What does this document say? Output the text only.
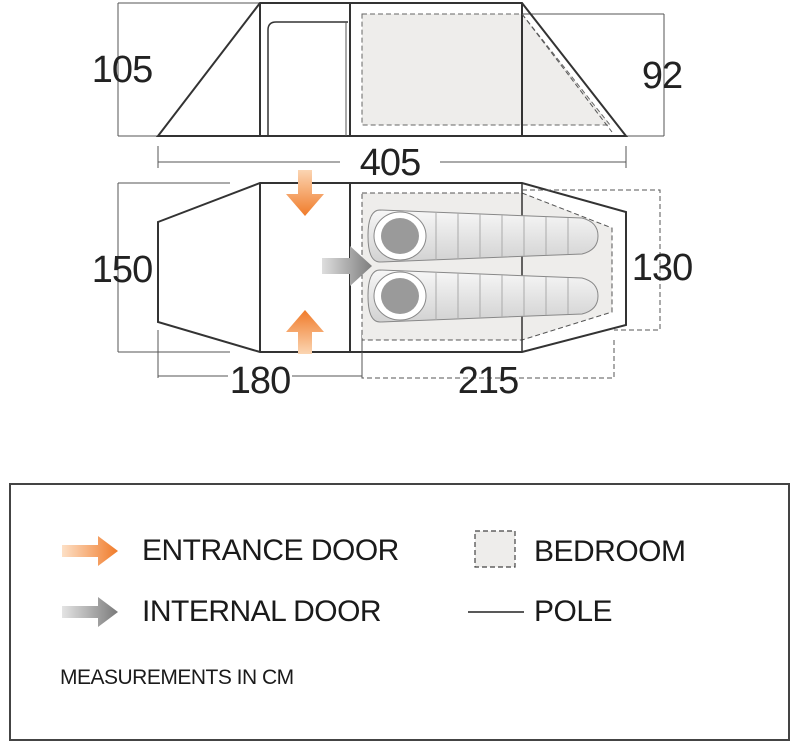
105	92
405
150	130
180	215
ENTRANCE DOOR
INTERNAL DOOR
BEDROOM
POLE
MEASUREMENTS IN CM
